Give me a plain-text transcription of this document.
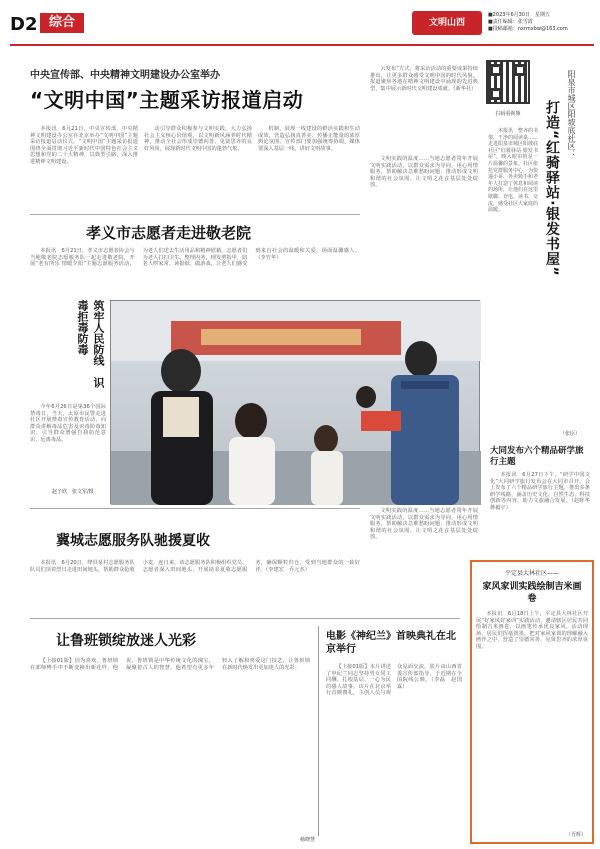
D2 综合	文明山西
■2023年6月30日　星期五
■责任编辑：张雪霞
■投稿邮箱：nxrmxbw@163.com
中央宣传部、中央精神文明建设办公室举办
“文明中国”主题采访报道启动

本报讯　6月21日，中央宣传部、中央精神文明建设办公室在北京举办“文明中国”主题采访报道启动仪式。“文明中国”主题采访报道围绕全面贯彻习近平新时代中国特色社会主义思想和党的二十大精神，以典型引路，深入推进精神文明建设。

动引导群众积极参与文明实践，大力弘扬社会主义核心价值观，以文明新风涵养时代精神，推动全社会形成崇德向善、见贤思齐的良好风尚，展现新时代文明中国的蓬勃气象。

机制，展现一线建设的鲜活实践和生动成效，营造弘扬真善美、传播正能量的浓厚舆论氛围。宣传部门要加强统筹协调，媒体要深入基层一线，讲好文明故事。

扫码看视频

云发布”方式，将采访活动的重要成果持续推出，让更多群众感受文明中国的时代风貌。报道聚焦各地在精神文明建设中涌现的先进典型，集中展示新时代文明建设成就。（新华社）

文明实践的温度……当地志愿者常年开展文明实践活动，以群众需求为导向，用心用情服务，帮助解决急难愁盼问题，推动形成文明和谐的社会氛围，让文明之花在基层处处绽放。

阳泉市城区阳坡底社区：
打造“红骑驿站·银发书屋”

本报讯　整齐的书架、干净的阅读桌……走进阳泉市城区阳坡底社区“红骑驿站·银发书屋”，映入眼帘的是一片温馨的景象。社区依托党群服务中心，为快递小哥、外卖骑手和老年人打造了休息和阅读的场所，让他们在这里歇脚、充电、读书、交流，感受社区大家庭的温暖。

（张臣）
孝义市志愿者走进敬老院

本报讯　6月21日，孝义市志愿者协会与当地敬老院志愿服务队一起走进敬老院，开展“老有所乐 情暖夕阳”主题志愿服务活动，为老人们送去生活用品和精神慰藉。志愿者们为老人打扫卫生、整理内务、理发剪指甲，陪老人唠家常、读报纸、做游戏，让老人们感受到来自社会的温暖和关爱，场面温馨感人。（李竹华）

筑牢人民防线　识毒拒毒防毒

今年6月26日是第36个国际禁毒日，当天，太原市民警走进社区开展禁毒宣传教育活动，向群众讲解毒品危害及识毒防毒知识，引导群众增强自我防范意识，远离毒品。

赵子欣　张文军/摄
大同发布六个精品研学旅行主题

本报讯　6月27日下午，“研学中国文化”大同研学旅行发布会在大同市召开。会上发布了六个精品研学旅行主题，推出多条研学线路，涵盖历史文化、自然生态、科技创新等内容，助力文旅融合发展。（赵晖华　蒋毅宇）

文明实践的温度……当地志愿者常年开展文明实践活动，以群众需求为导向，用心用情服务，帮助解决急难愁盼问题，推动形成文明和谐的社会氛围，让文明之花在基层处处绽放。

冀城志愿服务队驰援夏收

本报讯　6月20日，绛县某村志愿服务队队员们顶着烈日走进田间地头，帮助群众抢收小麦。连日来，该志愿服务队积极组织党员、志愿者深入田间地头，开展助农夏收志愿服务，确保颗粒归仓，受到当地群众的一致好评。（李建宏　乔元杰）

平定县大林社区——
家风家训实践绘制吉米画卷

本报讯　6月18日上午，平定县大林社区开展“好家风好家训”实践活动，邀请辖区居民共同绘制吉米画卷，以画笔传承优良家风。活动现场，居民们挥毫泼墨，把对家风家训的理解融入画作之中，营造了崇德向善、见贤思齐的浓厚氛围。

（吾辉）
让鲁班锁绽放迷人光彩

【上接01版】因为喜欢，鲁班锁在郭师傅手中不断变换出新花样。他说，鲁班锁是中华传统文化的瑰宝，凝聚着古人的智慧。他希望有更多年轻人了解和喜爱这门技艺，让鲁班锁在新时代焕发出更加迷人的光彩。

杨晓慧
电影《神纪兰》首映典礼在北京举行

【上接01版】本片讲述了申纪兰同志坚持男女同工同酬、扎根基层、一心为民的感人故事。该片在北京举行首映典礼，主创人员与观众见面交流。影片由山西省委宣传部指导，于近期在全国院线公映。（李磊　赵国霖）
